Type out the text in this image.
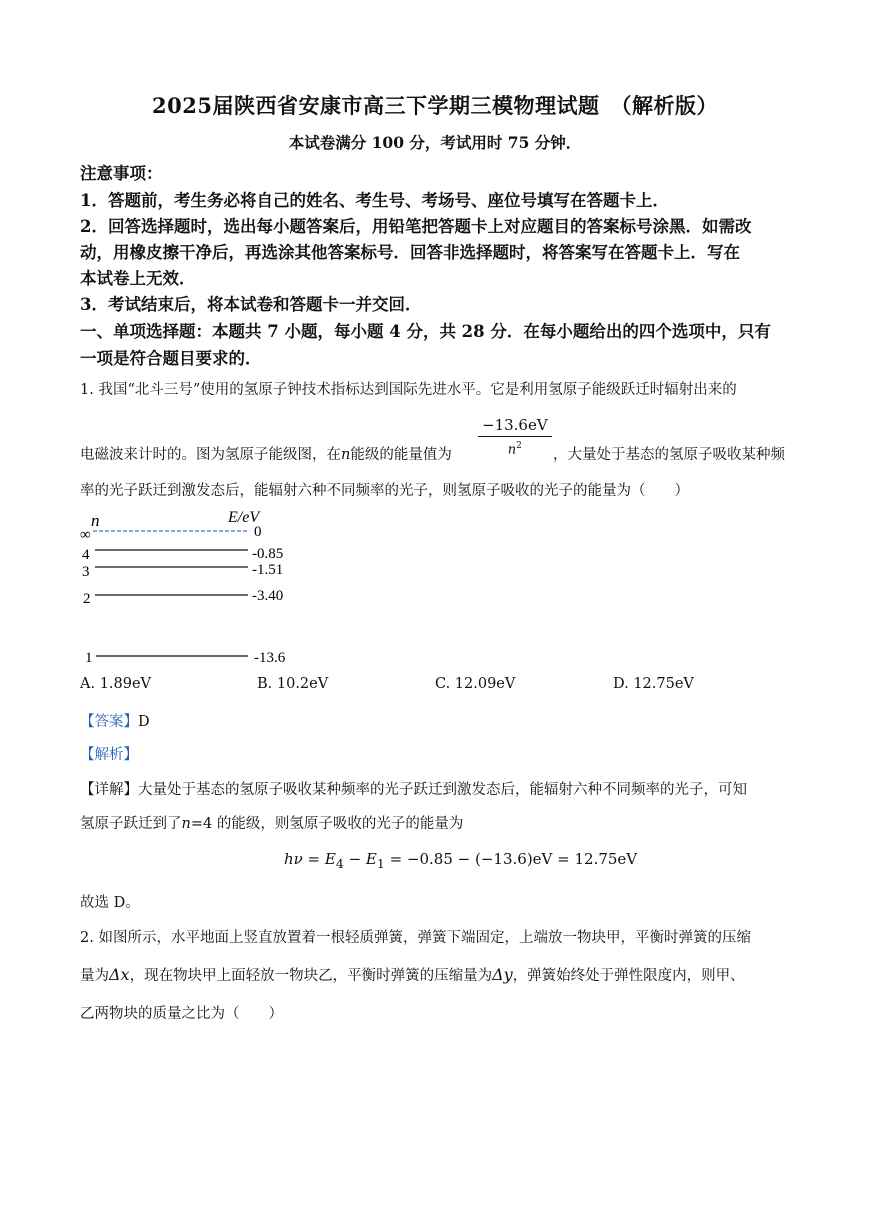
2025届陕西省安康市高三下学期三模物理试题　（解析版）
本试卷满分 100 分，考试用时 75 分钟．
注意事项：
1．答题前，考生务必将自己的姓名、考生号、考场号、座位号填写在答题卡上．
2．回答选择题时，选出每小题答案后，用铅笔把答题卡上对应题目的答案标号涂黑．如需改
动，用橡皮擦干净后，再选涂其他答案标号．回答非选择题时，将答案写在答题卡上．写在
本试卷上无效．
3．考试结束后，将本试卷和答题卡一并交回．
一、单项选择题：本题共 7 小题，每小题 4 分，共 28 分．在每小题给出的四个选项中，只有
一项是符合题目要求的．
1. 我国“北斗三号”使用的氢原子钟技术指标达到国际先进水平。它是利用氢原子能级跃迁时辐射出来的
电磁波来计时的。图为氢原子能级图，在n能级的能量值为 $\frac{-13.6eV}{n^2}$ ，大量处于基态的氢原子吸收某种频
率的光子跃迁到激发态后，能辐射六种不同频率的光子，则氢原子吸收的光子的能量为（　　）
n	E/eV
∞	0
4	-0.85
3	-1.51
2	-3.40
1	-13.6
A. 1.89eV	B. 10.2eV	C. 12.09eV	D. 12.75eV
【答案】D
【解析】
【详解】大量处于基态的氢原子吸收某种频率的光子跃迁到激发态后，能辐射六种不同频率的光子，可知
氢原子跃迁到了n=4 的能级，则氢原子吸收的光子的能量为
$h\nu = E_4 - E_1 = -0.85 - (-13.6)eV = 12.75eV$
故选 D。
2. 如图所示，水平地面上竖直放置着一根轻质弹簧，弹簧下端固定，上端放一物块甲，平衡时弹簧的压缩
量为Δx，现在物块甲上面轻放一物块乙，平衡时弹簧的压缩量为Δy，弹簧始终处于弹性限度内，则甲、
乙两物块的质量之比为（　　）
